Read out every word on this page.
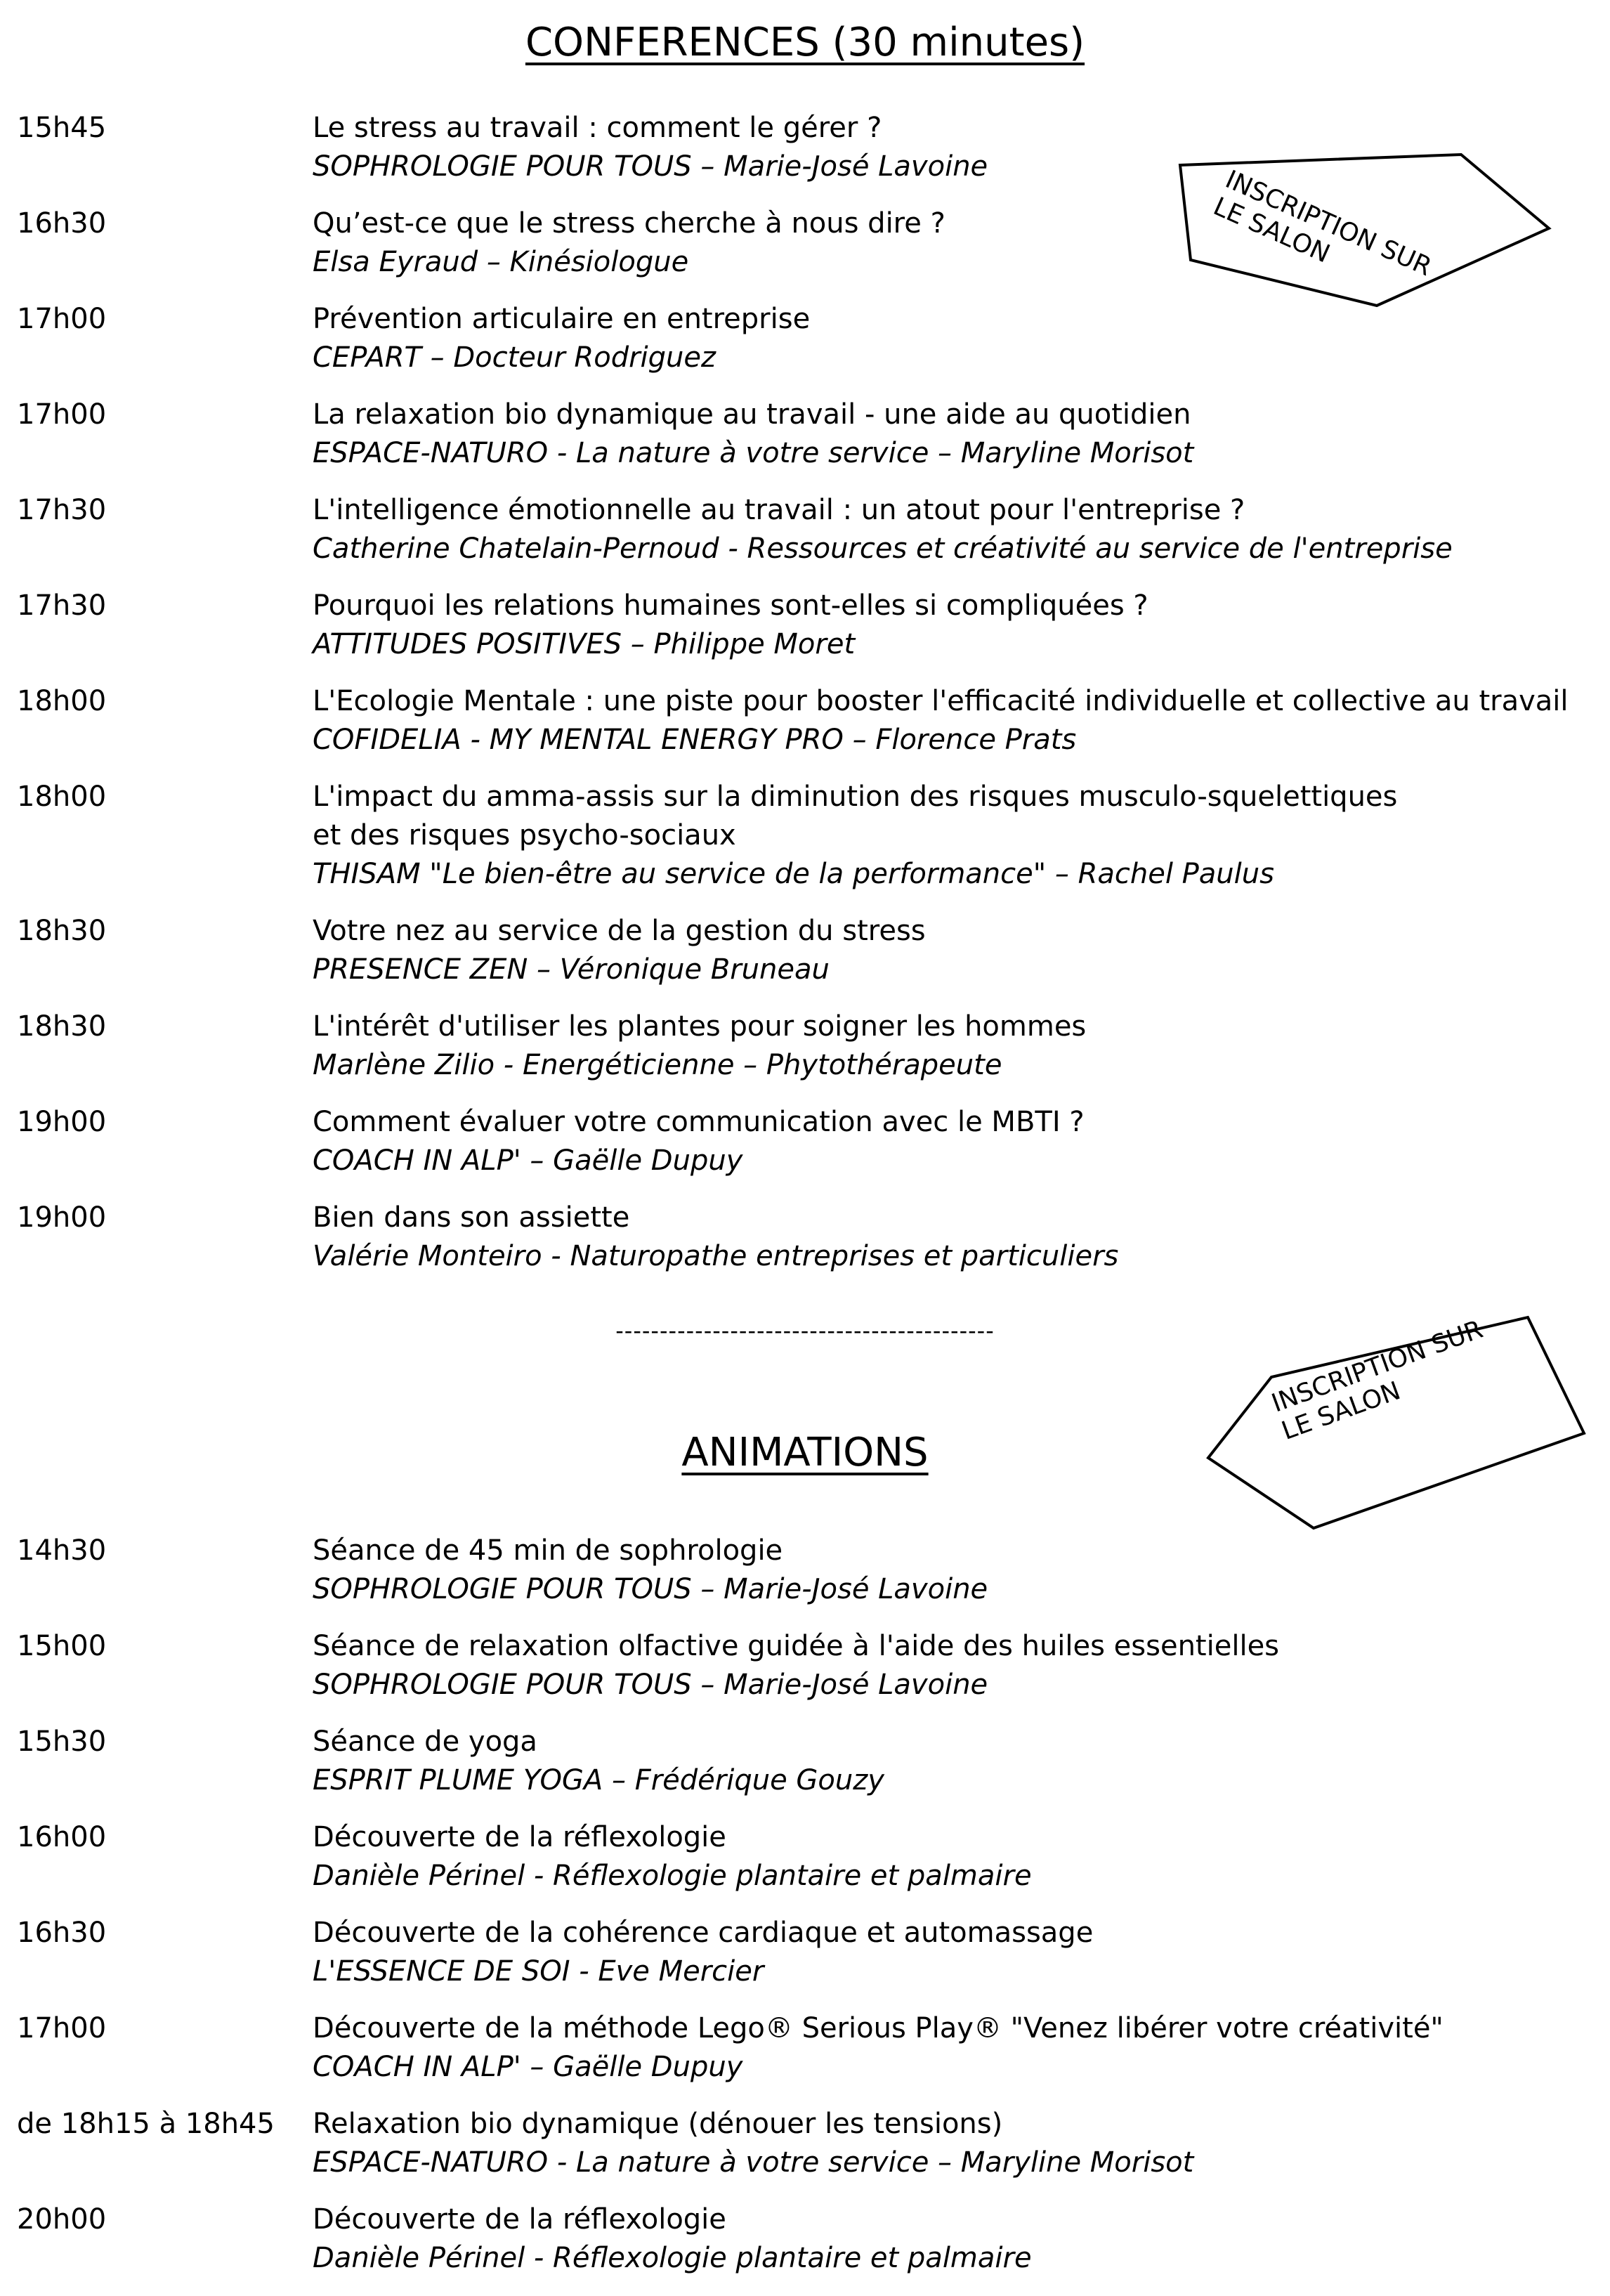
CONFERENCES (30 minutes)
INSCRIPTION SUR
LE SALON
15h45	Le stress au travail : comment le gérer ?
SOPHROLOGIE POUR TOUS – Marie-José Lavoine
16h30	Qu’est-ce que le stress cherche à nous dire ?
Elsa Eyraud – Kinésiologue
17h00	Prévention articulaire en entreprise
CEPART – Docteur Rodriguez
17h00	La relaxation bio dynamique au travail - une aide au quotidien
ESPACE-NATURO - La nature à votre service – Maryline Morisot
17h30	L'intelligence émotionnelle au travail : un atout pour l'entreprise ?
Catherine Chatelain-Pernoud - Ressources et créativité au service de l'entreprise
17h30	Pourquoi les relations humaines sont-elles si compliquées ?
ATTITUDES POSITIVES – Philippe Moret
18h00	L'Ecologie Mentale : une piste pour booster l'efficacité individuelle et collective au travail
COFIDELIA - MY MENTAL ENERGY PRO – Florence Prats
18h00	L'impact du amma-assis sur la diminution des risques musculo-squelettiques
et des risques psycho-sociaux
THISAM "Le bien-être au service de la performance" – Rachel Paulus
18h30	Votre nez au service de la gestion du stress
PRESENCE ZEN – Véronique Bruneau
18h30	L'intérêt d'utiliser les plantes pour soigner les hommes
Marlène Zilio - Energéticienne – Phytothérapeute
19h00	Comment évaluer votre communication avec le MBTI ?
COACH IN ALP' – Gaëlle Dupuy
19h00	Bien dans son assiette
Valérie Monteiro - Naturopathe entreprises et particuliers
-------------------------------------------	INSCRIPTION SUR
LE SALON
ANIMATIONS
14h30	Séance de 45 min de sophrologie
SOPHROLOGIE POUR TOUS – Marie-José Lavoine
15h00	Séance de relaxation olfactive guidée à l'aide des huiles essentielles
SOPHROLOGIE POUR TOUS – Marie-José Lavoine
15h30	Séance de yoga
ESPRIT PLUME YOGA – Frédérique Gouzy
16h00	Découverte de la réflexologie
Danièle Périnel - Réflexologie plantaire et palmaire
16h30	Découverte de la cohérence cardiaque et automassage
L'ESSENCE DE SOI - Eve Mercier
17h00	Découverte de la méthode Lego® Serious Play® "Venez libérer votre créativité"
COACH IN ALP' – Gaëlle Dupuy
de 18h15 à 18h45 Relaxation bio dynamique (dénouer les tensions)
ESPACE-NATURO - La nature à votre service – Maryline Morisot
20h00	Découverte de la réflexologie
Danièle Périnel - Réflexologie plantaire et palmaire
